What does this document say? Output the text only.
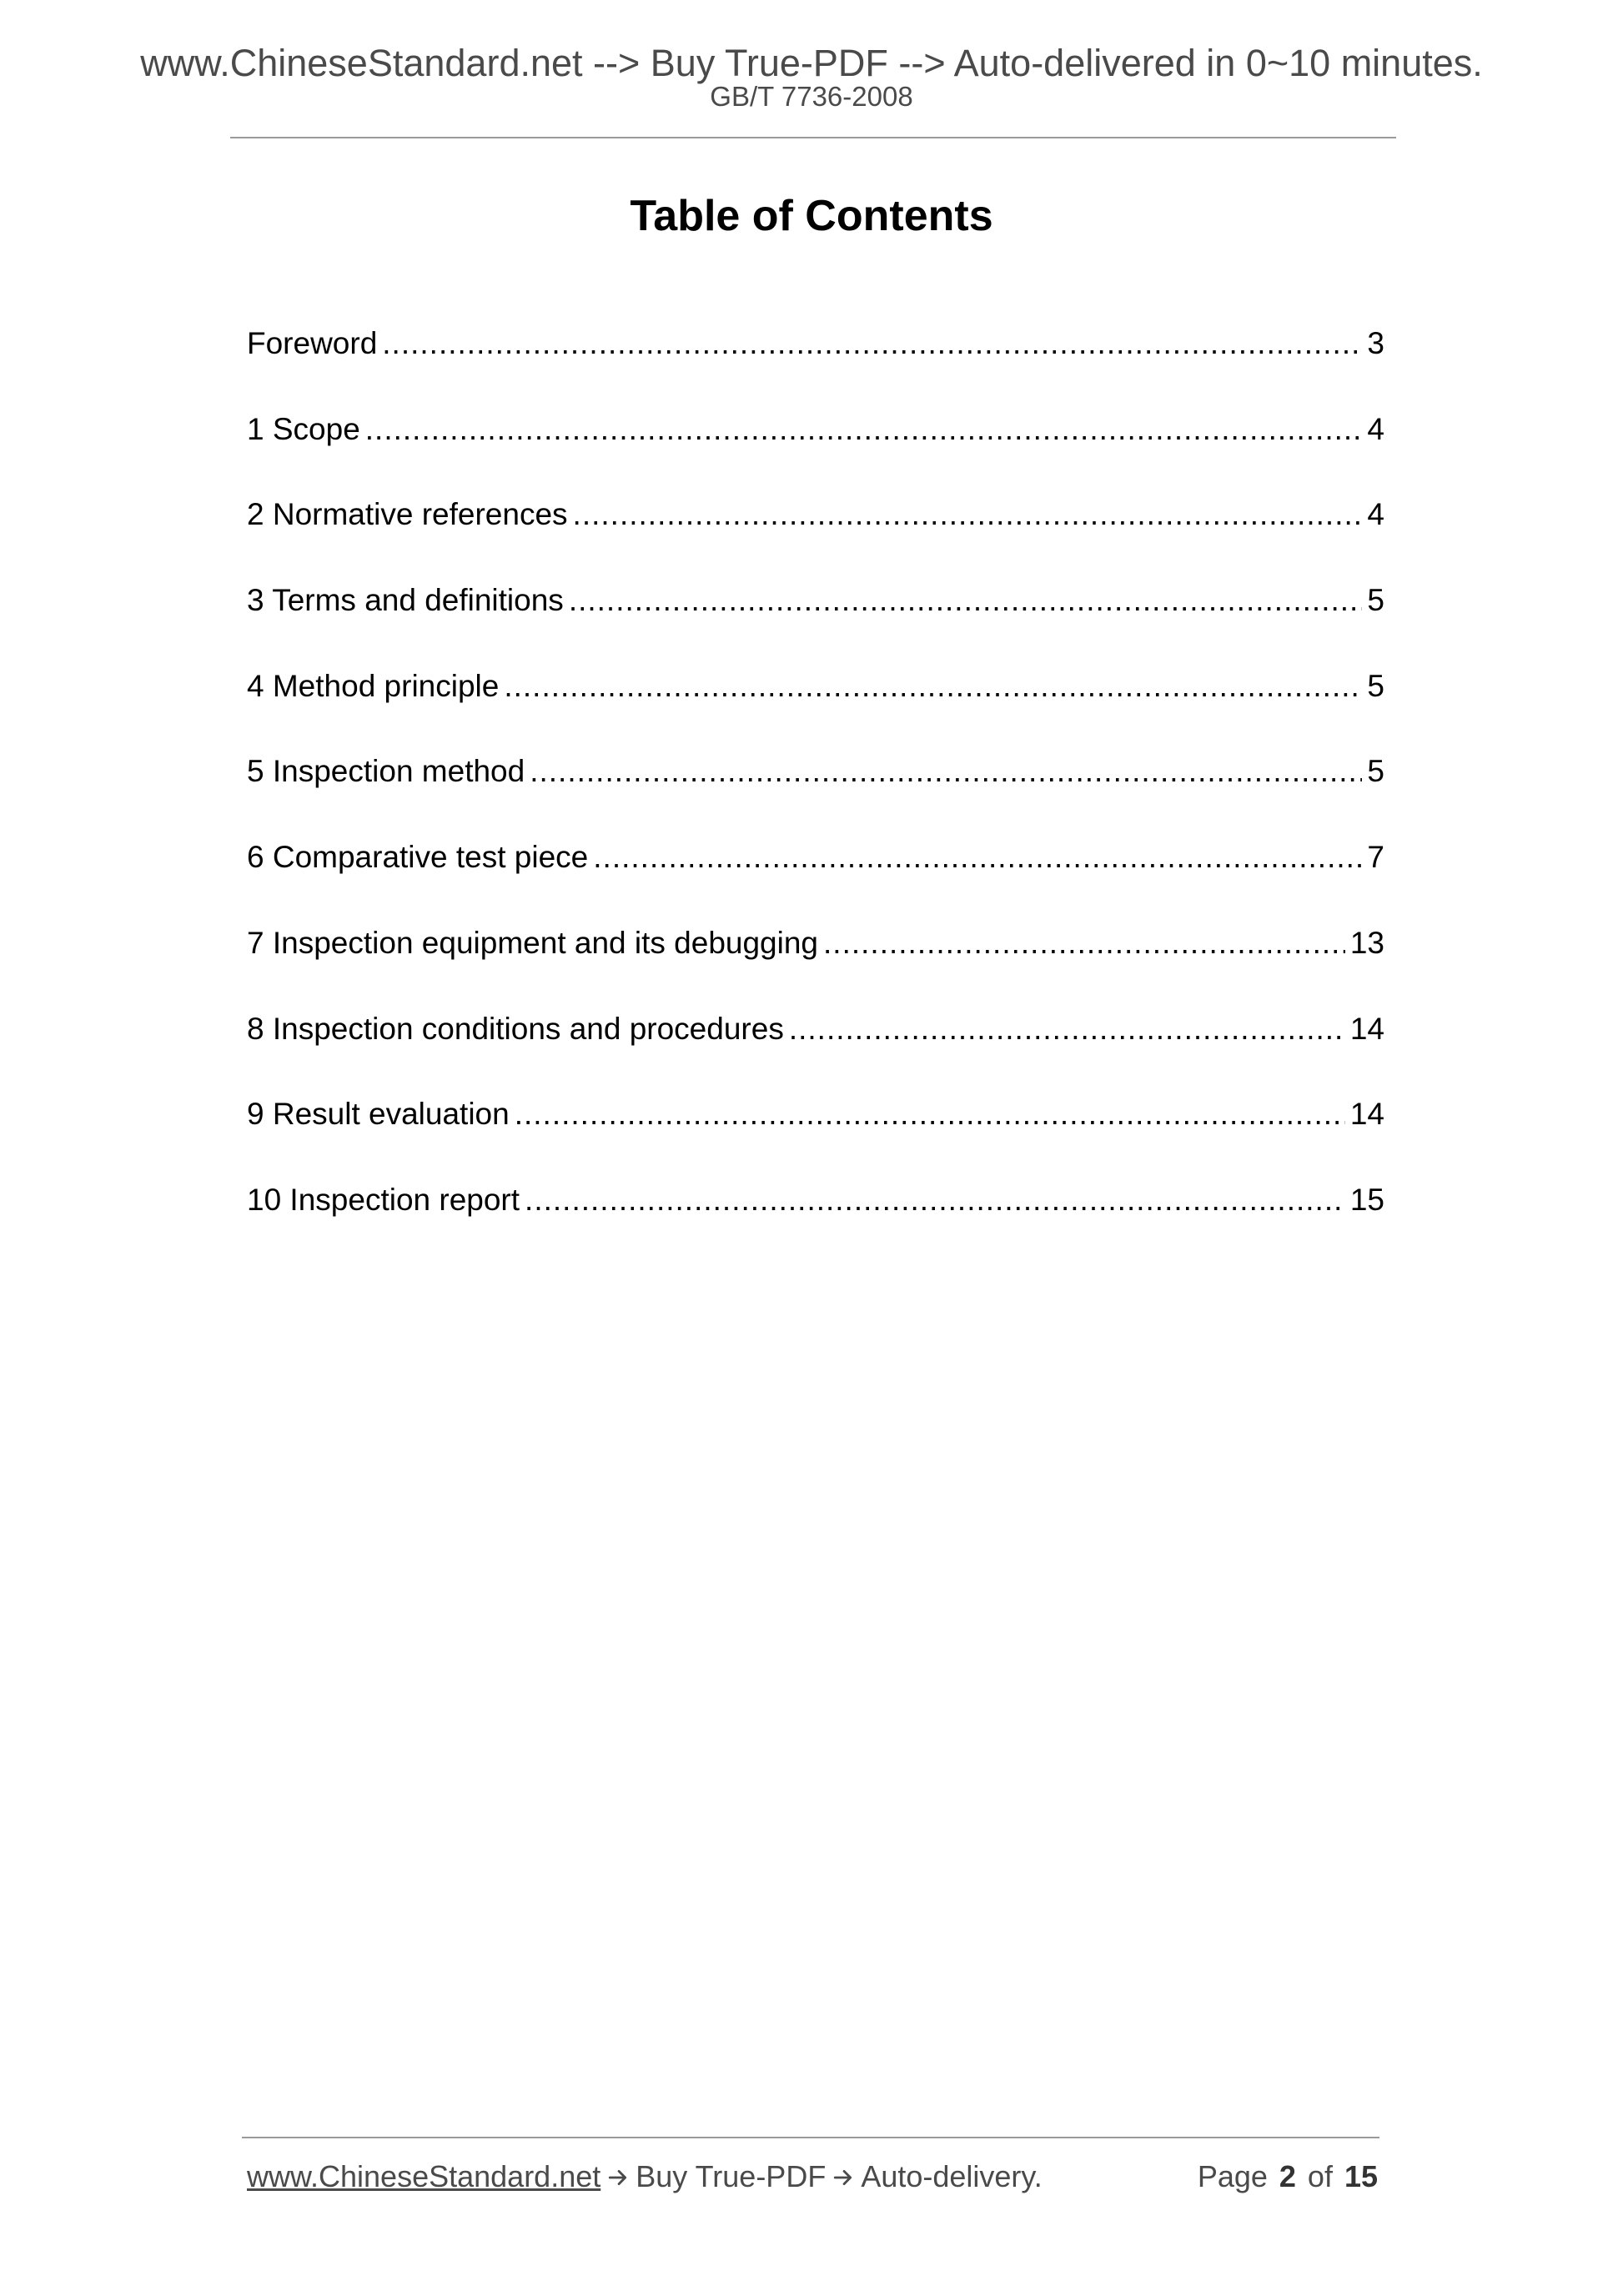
www.ChineseStandard.net --> Buy True-PDF --> Auto-delivered in 0~10 minutes.
GB/T 7736-2008
Table of Contents
Foreword .....	3
1 Scope .....	4
2 Normative references .....	4
3 Terms and definitions .....	5
4 Method principle .....	5
5 Inspection method .....	5
6 Comparative test piece .....	7
7 Inspection equipment and its debugging .....	13
8 Inspection conditions and procedures .....	14
9 Result evaluation .....	14
10 Inspection report .....	15
www.ChineseStandard.net Buy True-PDF Auto-delivery.	Page 2 of 15
